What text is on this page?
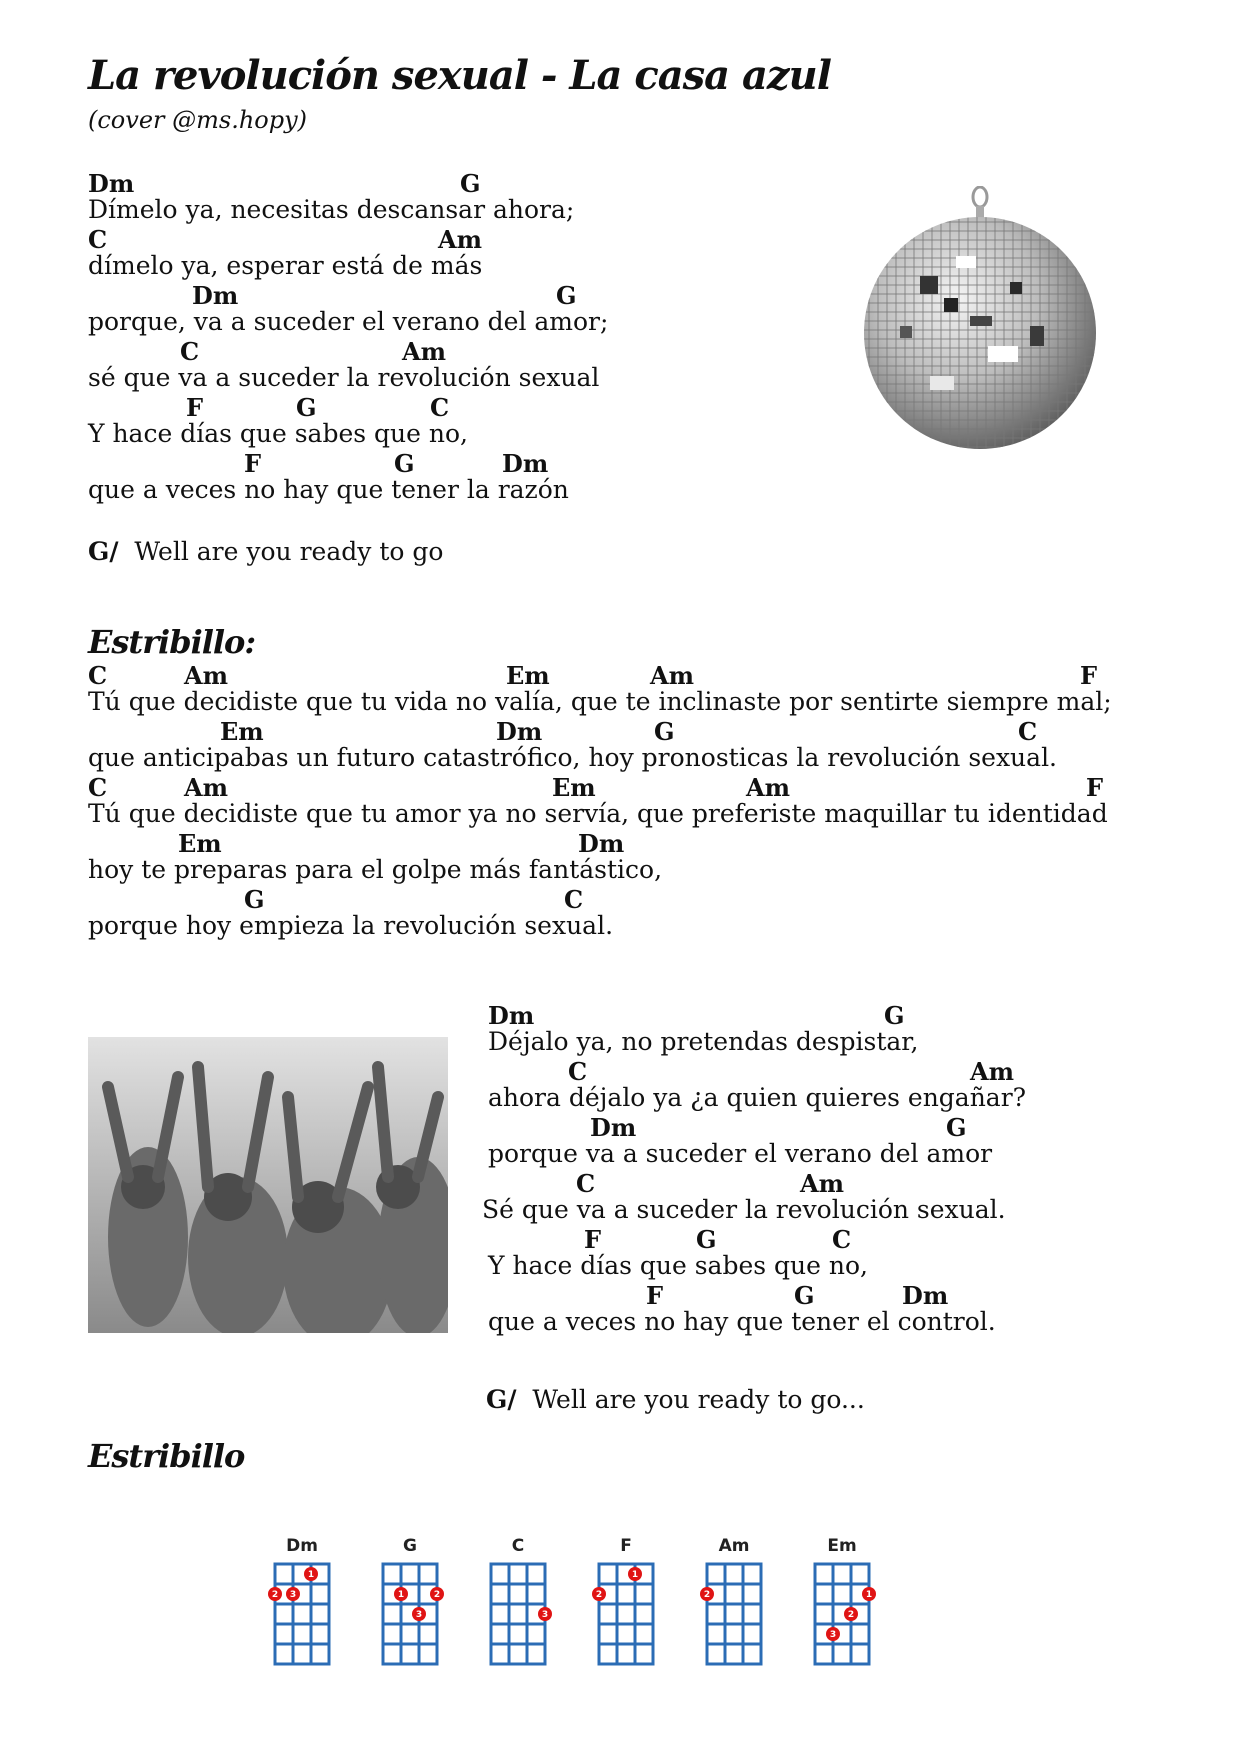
La revolución sexual - La casa azul
(cover @ms.hopy)
Dm	G
Dímelo ya, necesitas descansar ahora;
C	Am
dímelo ya, esperar está de más
Dm	G
porque, va a suceder el verano del amor;
C	Am
sé que va a suceder la revolución sexual
F	G	C
Y hace días que sabes que no,
F	G	Dm
que a veces no hay que tener la razón
G/ Well are you ready to go
Estribillo:
C	Am	Em	Am	F
Tú que decidiste que tu vida no valía, que te inclinaste por sentirte siempre mal;
Em	Dm	G	C
que anticipabas un futuro catastrófico, hoy pronosticas la revolución sexual.
C	Am	Em	Am	F
Tú que decidiste que tu amor ya no servía, que preferiste maquillar tu identidad
Em	Dm
hoy te preparas para el golpe más fantástico,
G	C
porque hoy empieza la revolución sexual.
Dm	G
Déjalo ya, no pretendas despistar,
C	Am
ahora déjalo ya ¿a quien quieres engañar?
Dm	G
porque va a suceder el verano del amor
C	Am
Sé que va a suceder la revolución sexual.
F	G	C
Y hace días que sabes que no,
F	G	Dm
que a veces no hay que tener el control.
G/ Well are you ready to go...
Estribillo
Dm
1
2 3
G
1	2
3
C
3
F
1
2
Am
2
Em
1
2
3
